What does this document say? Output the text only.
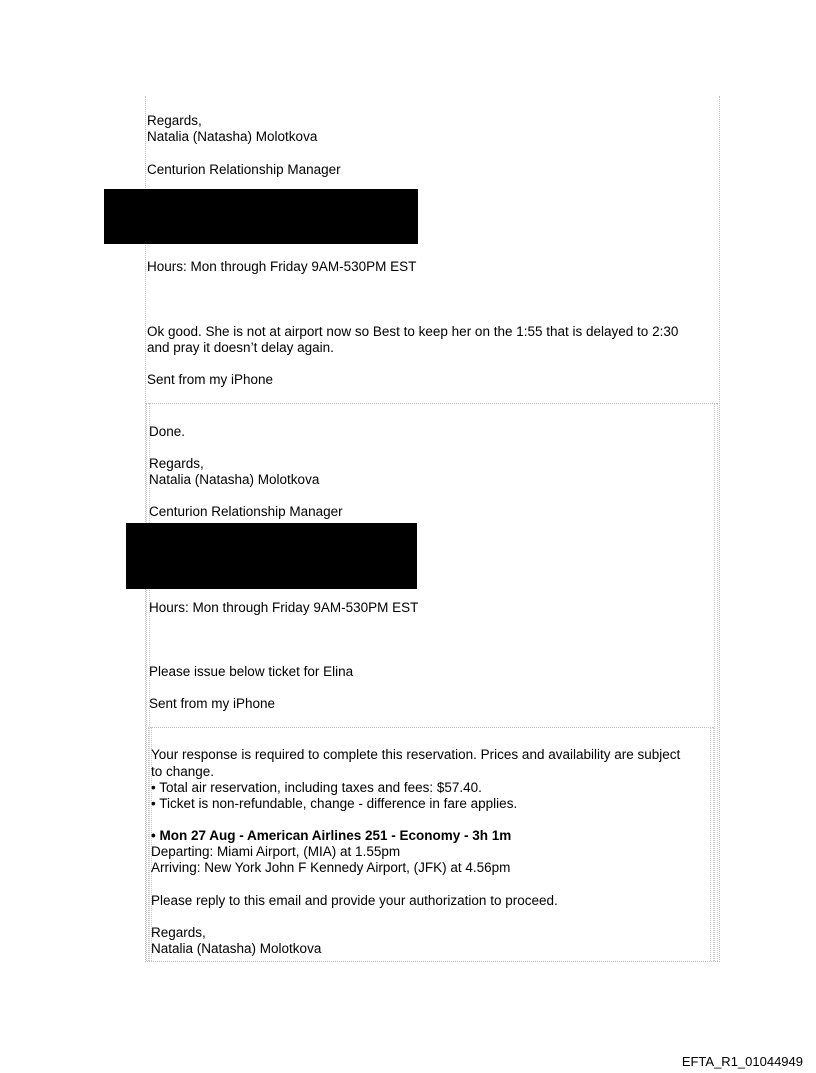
Regards,
Natalia (Natasha) Molotkova
Centurion Relationship Manager
Hours: Mon through Friday 9AM-530PM EST
Ok good. She is not at airport now so Best to keep her on the 1:55 that is delayed to 2:30
and pray it doesn’t delay again.
Sent from my iPhone
Done.
Regards,
Natalia (Natasha) Molotkova
Centurion Relationship Manager
Hours: Mon through Friday 9AM-530PM EST
Please issue below ticket for Elina
Sent from my iPhone
Your response is required to complete this reservation. Prices and availability are subject
to change.
• Total air reservation, including taxes and fees: $57.40.
• Ticket is non-refundable, change - difference in fare applies.
• Mon 27 Aug - American Airlines 251 - Economy - 3h 1m
Departing: Miami Airport, (MIA) at 1.55pm
Arriving: New York John F Kennedy Airport, (JFK) at 4.56pm
Please reply to this email and provide your authorization to proceed.
Regards,
Natalia (Natasha) Molotkova
EFTA_R1_01044949
